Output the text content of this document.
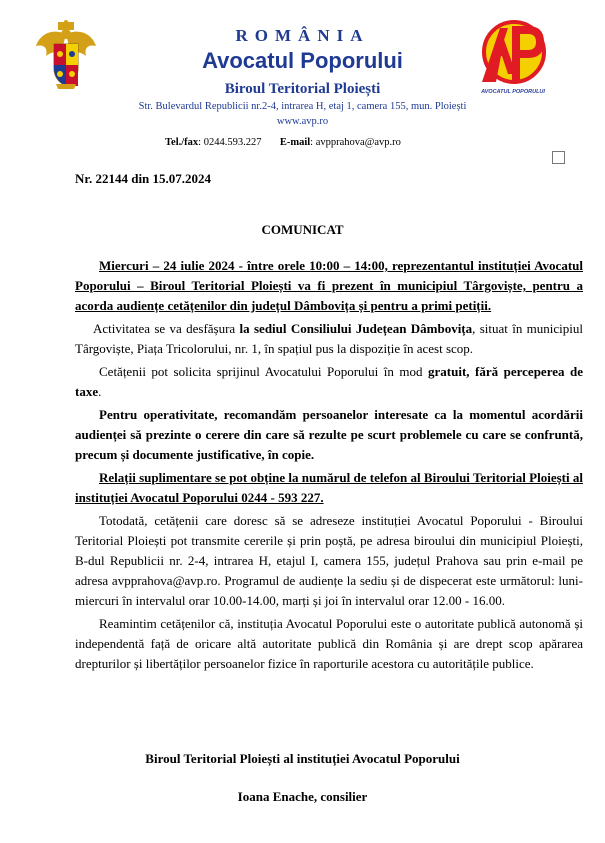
AVOCATUL POPORULUI
ROMÂNIA
Avocatul Poporului
Biroul Teritorial Ploiești
Str. Bulevardul Republicii nr.2-4, intrarea H, etaj 1, camera 155, mun. Ploiești
www.avp.ro
Tel./fax: 0244.593.227 E-mail: avpprahova@avp.ro
Nr. 22144 din 15.07.2024
COMUNICAT

Miercuri – 24 iulie 2024 - între orele 10:00 – 14:00, reprezentantul instituției Avocatul Poporului – Biroul Teritorial Ploiești va fi prezent în municipiul Târgoviște, pentru a acorda audiențe cetățenilor din județul Dâmbovița și pentru a primi petiții.

Activitatea se va desfășura la sediul Consiliului Județean Dâmbovița, situat în municipiul Târgoviște, Piața Tricolorului, nr. 1, în spațiul pus la dispoziție în acest scop.

Cetățenii pot solicita sprijinul Avocatului Poporului în mod gratuit, fără perceperea de taxe.

Pentru operativitate, recomandăm persoanelor interesate ca la momentul acordării audienței să prezinte o cerere din care să rezulte pe scurt problemele cu care se confruntă, precum și documente justificative, în copie.

Relații suplimentare se pot obține la numărul de telefon al Biroului Teritorial Ploiești al instituției Avocatul Poporului 0244 - 593 227.

Totodată, cetățenii care doresc să se adreseze instituției Avocatul Poporului - Biroului Teritorial Ploiești pot transmite cererile și prin poștă, pe adresa biroului din municipiul Ploiești, B-dul Republicii nr. 2-4, intrarea H, etajul I, camera 155, județul Prahova sau prin e-mail pe adresa avpprahova@avp.ro. Programul de audiențe la sediu și de dispecerat este următorul: luni-miercuri în intervalul orar 10.00-14.00, marți și joi în intervalul orar 12.00 - 16.00.

Reamintim cetățenilor că, instituția Avocatul Poporului este o autoritate publică autonomă și independentă față de oricare altă autoritate publică din România și are drept scop apărarea drepturilor și libertăților persoanelor fizice în raporturile acestora cu autoritățile publice.

Biroul Teritorial Ploiești al instituției Avocatul Poporului
Ioana Enache, consilier
